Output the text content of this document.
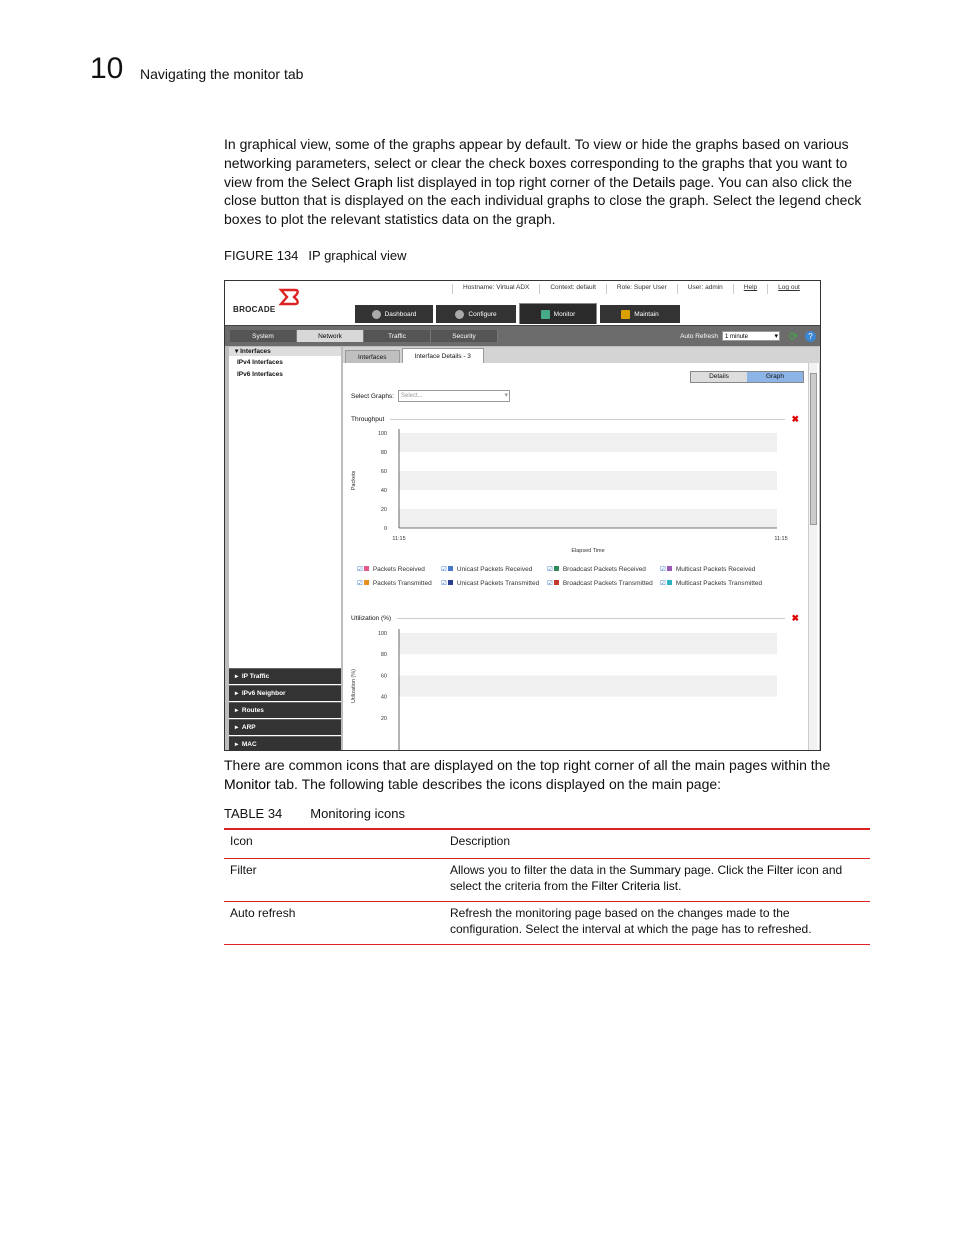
10 Navigating the monitor tab

In graphical view, some of the graphs appear by default. To view or hide the graphs based on various networking parameters, select or clear the check boxes corresponding to the graphs that you want to view from the Select Graph list displayed in top right corner of the Details page. You can also click the close button that is displayed on the each individual graphs to close the graph. Select the legend check boxes to plot the relevant statistics data on the graph.

FIGURE 134 IP graphical view
BROCADE
Hostname: Virtual ADX	Context: default	Role: Super User	User: admin	Help	Log out
Dashboard	Configure	Monitor	Maintain
System	Network	Traffic	Security	Auto Refresh	1 minute ▾	⟳	?
▾ Interfaces
IPv4 Interfaces
IPv6 Interfaces
▸  IP Traffic
▸  IPv6 Neighbor
▸  Routes
▸  ARP
▸  MAC
Interfaces	Interface Details - 3
Details	Graph
Select Graphs:	Select... ▾
Throughput	✖
100
80
60
40
20
0
Packets
11:15	11:15
Elapsed Time
☑ Packets Received	☑ Unicast Packets Received	☑ Broadcast Packets Received	☑ Multicast Packets Received
☑ Packets Transmitted	☑ Unicast Packets Transmitted	☑ Broadcast Packets Transmitted	☑ Multicast Packets Transmitted
Utilization (%)	✖
100
80
60
40
20
Utilization (%)

There are common icons that are displayed on the top right corner of all the main pages within the Monitor tab. The following table describes the icons displayed on the main page:

TABLE 34 Monitoring icons
Icon	Description
Filter	Allows you to filter the data in the Summary page. Click the Filter icon and select the criteria from the Filter Criteria list.
Auto refresh	Refresh the monitoring page based on the changes made to the configuration. Select the interval at which the page has to refreshed.
